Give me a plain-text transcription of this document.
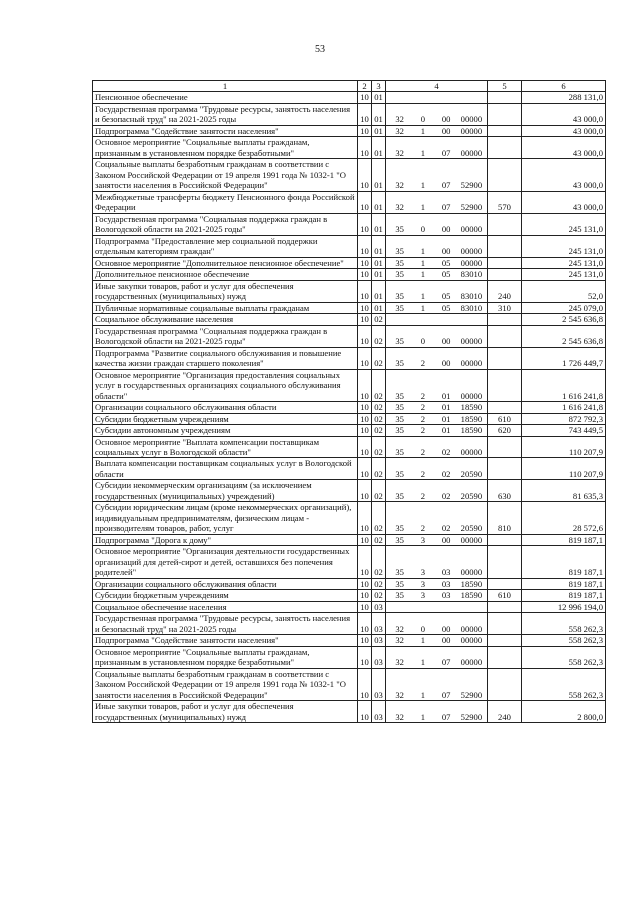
53
1	2	3	4	5	6
Пенсионное обеспечение	10	01			288 131,0
Государственная программа "Трудовые ресурсы, занятость населения и безопасный труд" на 2021-2025 годы	10	01	32 0 00 00000		43 000,0
Подпрограмма "Содействие занятости населения"	10	01	32 1 00 00000		43 000,0
Основное мероприятие "Социальные выплаты гражданам, признанным в установленном порядке безработными"	10	01	32 1 07 00000		43 000,0
Социальные выплаты безработным гражданам в соответствии с Законом Российской Федерации от 19 апреля 1991 года № 1032-1 "О занятости населения в Российской Федерации"	10	01	32 1 07 52900		43 000,0
Межбюджетные трансферты бюджету Пенсионного фонда Российской Федерации	10	01	32 1 07 52900	570	43 000,0
Государственная программа "Социальная поддержка граждан в Вологодской области на 2021-2025 годы"	10	01	35 0 00 00000		245 131,0
Подпрограмма "Предоставление мер социальной поддержки отдельным категориям граждан"	10	01	35 1 00 00000		245 131,0
Основное мероприятие "Дополнительное пенсионное обеспечение"	10	01	35 1 05 00000		245 131,0
Дополнительное пенсионное обеспечение	10	01	35 1 05 83010		245 131,0
Иные закупки товаров, работ и услуг для обеспечения государственных (муниципальных) нужд	10	01	35 1 05 83010	240	52,0
Публичные нормативные социальные выплаты гражданам	10	01	35 1 05 83010	310	245 079,0
Социальное обслуживание населения	10	02			2 545 636,8
Государственная программа "Социальная поддержка граждан в Вологодской области на 2021-2025 годы"	10	02	35 0 00 00000		2 545 636,8
Подпрограмма "Развитие социального обслуживания и повышение качества жизни граждан старшего поколения"	10	02	35 2 00 00000		1 726 449,7
Основное мероприятие "Организация предоставления социальных услуг в государственных организациях социального обслуживания области"	10	02	35 2 01 00000		1 616 241,8
Организации социального обслуживания области	10	02	35 2 01 18590		1 616 241,8
Субсидии бюджетным учреждениям	10	02	35 2 01 18590	610	872 792,3
Субсидии автономным учреждениям	10	02	35 2 01 18590	620	743 449,5
Основное мероприятие "Выплата компенсации поставщикам социальных услуг в Вологодской области"	10	02	35 2 02 00000		110 207,9
Выплата компенсации поставщикам социальных услуг в Вологодской области	10	02	35 2 02 20590		110 207,9
Субсидии некоммерческим организациям (за исключением государственных (муниципальных) учреждений)	10	02	35 2 02 20590	630	81 635,3
Субсидии юридическим лицам (кроме некоммерческих организаций), индивидуальным предпринимателям, физическим лицам - производителям товаров, работ, услуг	10	02	35 2 02 20590	810	28 572,6
Подпрограмма "Дорога к дому"	10	02	35 3 00 00000		819 187,1
Основное мероприятие "Организация деятельности государственных организаций для детей-сирот и детей, оставшихся без попечения родителей"	10	02	35 3 03 00000		819 187,1
Организации социального обслуживания области	10	02	35 3 03 18590		819 187,1
Субсидии бюджетным учреждениям	10	02	35 3 03 18590	610	819 187,1
Социальное обеспечение населения	10	03			12 996 194,0
Государственная программа "Трудовые ресурсы, занятость населения и безопасный труд" на 2021-2025 годы	10	03	32 0 00 00000		558 262,3
Подпрограмма "Содействие занятости населения"	10	03	32 1 00 00000		558 262,3
Основное мероприятие "Социальные выплаты гражданам, признанным в установленном порядке безработными"	10	03	32 1 07 00000		558 262,3
Социальные выплаты безработным гражданам в соответствии с Законом Российской Федерации от 19 апреля 1991 года № 1032-1 "О занятости населения в Российской Федерации"	10	03	32 1 07 52900		558 262,3
Иные закупки товаров, работ и услуг для обеспечения государственных (муниципальных) нужд	10	03	32 1 07 52900	240	2 800,0
